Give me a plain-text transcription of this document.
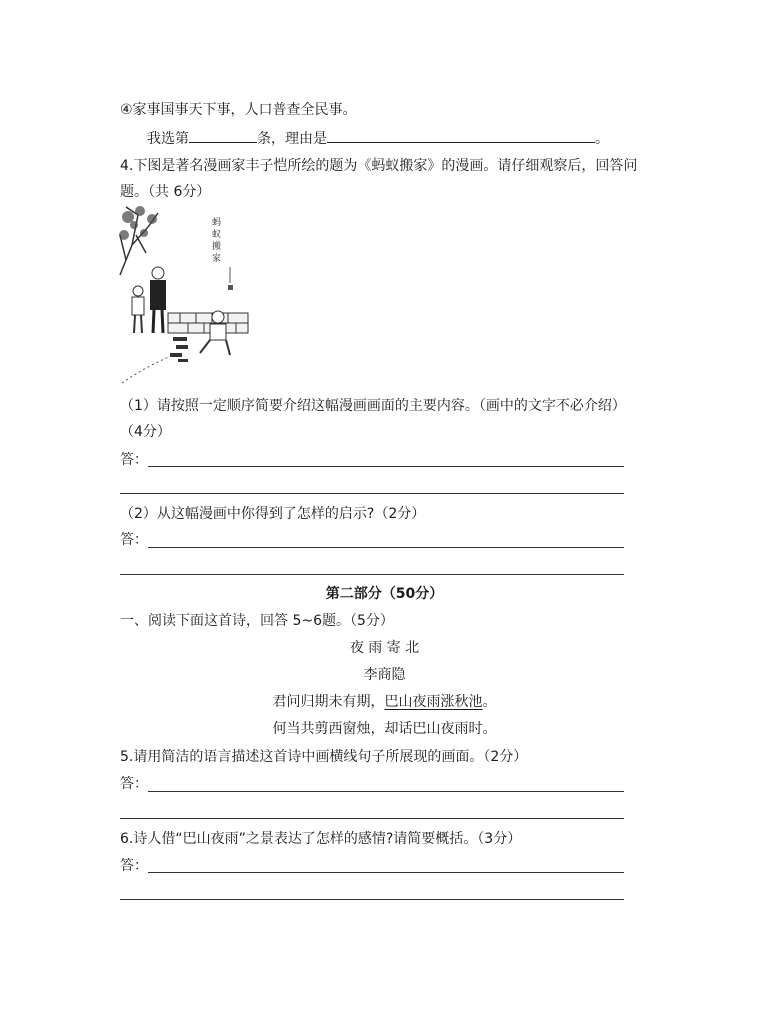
④家事国事天下事，人口普查全民事。
我选第	条，理由是	。
4.下图是著名漫画家丰子恺所绘的题为《蚂蚁搬家》的漫画。请仔细观察后，回答问
题。（共 6分）
蚂
蚁
搬
家
（1）请按照一定顺序简要介绍这幅漫画画面的主要内容。（画中的文字不必介绍）
（4分）
答：
（2）从这幅漫画中你得到了怎样的启示?（2分）
答：
第二部分（50分）
一、阅读下面这首诗，回答 5~6题。（5分）
夜 雨 寄 北
李商隐
君问归期未有期，巴山夜雨涨秋池。
何当共剪西窗烛，却话巴山夜雨时。
5.请用简洁的语言描述这首诗中画横线句子所展现的画面。（2分）
答：
6.诗人借“巴山夜雨”之景表达了怎样的感情?请简要概括。（3分）
答：
